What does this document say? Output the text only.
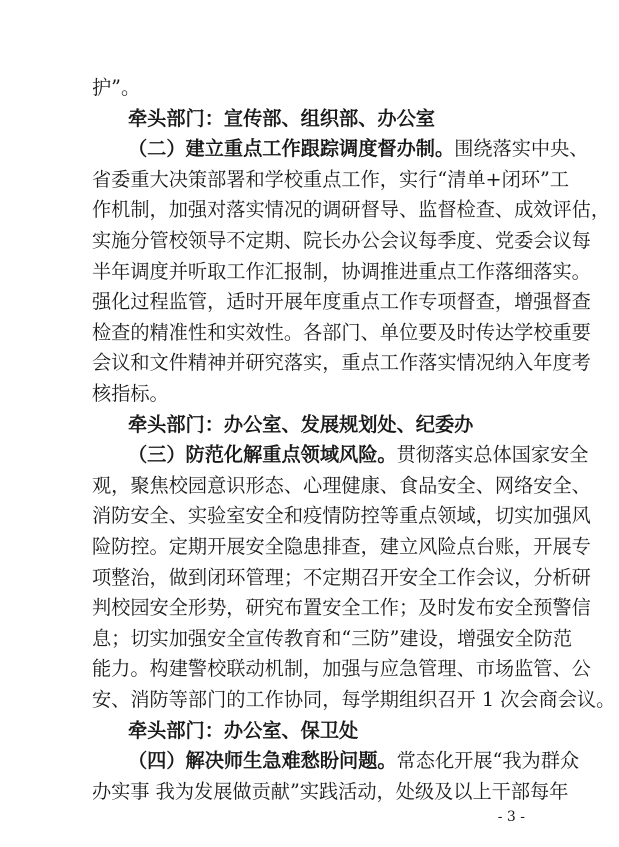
护”。
牵头部门：宣传部、组织部、办公室
（二）建立重点工作跟踪调度督办制。围绕落实中央、
省委重大决策部署和学校重点工作，实行“清单+闭环”工
作机制，加强对落实情况的调研督导、监督检查、成效评估，
实施分管校领导不定期、院长办公会议每季度、党委会议每
半年调度并听取工作汇报制，协调推进重点工作落细落实。
强化过程监管，适时开展年度重点工作专项督查，增强督查
检查的精准性和实效性。各部门、单位要及时传达学校重要
会议和文件精神并研究落实，重点工作落实情况纳入年度考
核指标。
牵头部门：办公室、发展规划处、纪委办
（三）防范化解重点领域风险。贯彻落实总体国家安全
观，聚焦校园意识形态、心理健康、食品安全、网络安全、
消防安全、实验室安全和疫情防控等重点领域，切实加强风
险防控。定期开展安全隐患排查，建立风险点台账，开展专
项整治，做到闭环管理；不定期召开安全工作会议，分析研
判校园安全形势，研究布置安全工作；及时发布安全预警信
息；切实加强安全宣传教育和“三防”建设，增强安全防范
能力。构建警校联动机制，加强与应急管理、市场监管、公
安、消防等部门的工作协同，每学期组织召开 1 次会商会议。
牵头部门：办公室、保卫处
（四）解决师生急难愁盼问题。常态化开展“我为群众
办实事 我为发展做贡献”实践活动，处级及以上干部每年
- 3 -
